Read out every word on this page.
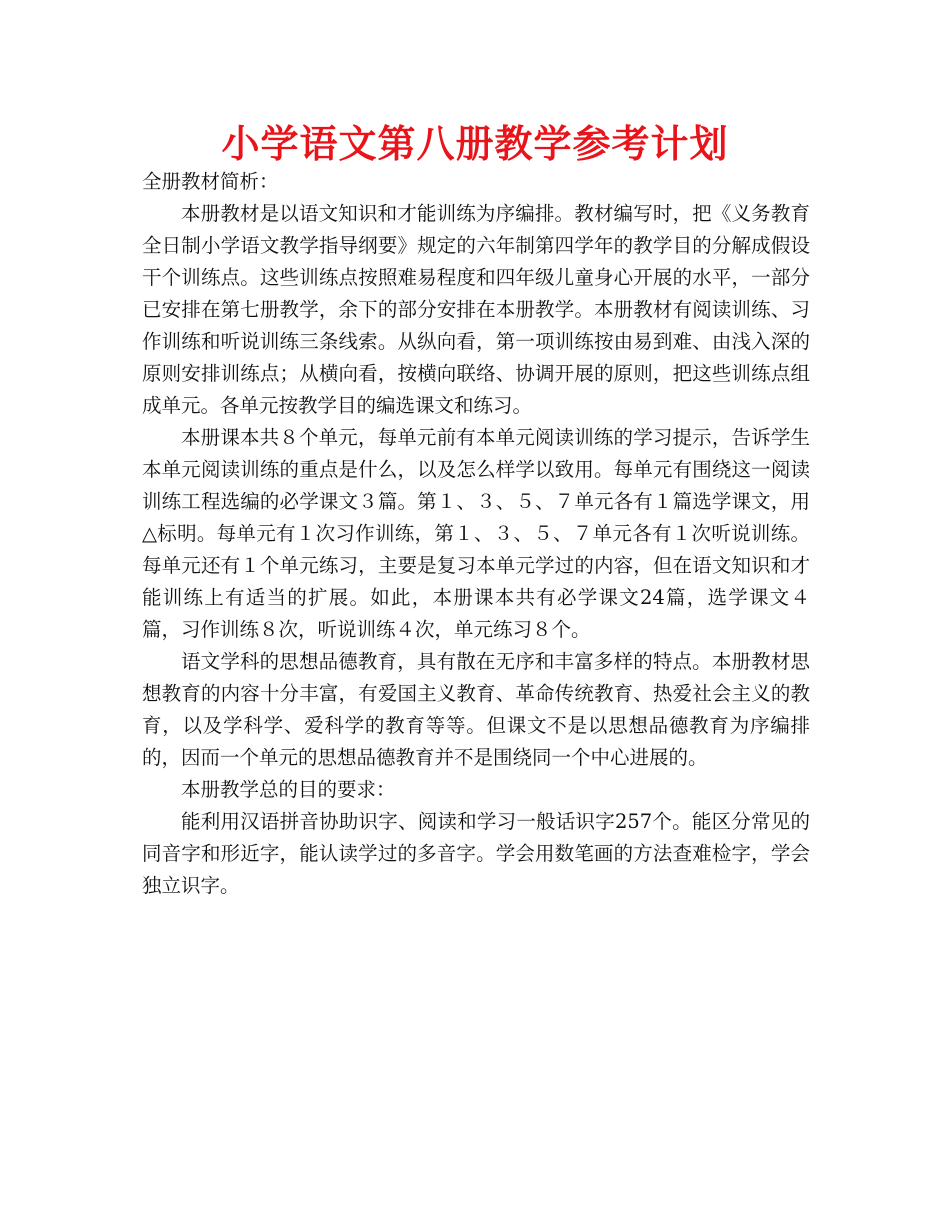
小学语文第八册教学参考计划
全册教材简析：

本册教材是以语文知识和才能训练为序编排。教材编写时，把《义务教育全日制小学语文教学指导纲要》规定的六年制第四学年的教学目的分解成假设干个训练点。这些训练点按照难易程度和四年级儿童身心开展的水平，一部分已安排在第七册教学，余下的部分安排在本册教学。本册教材有阅读训练、习作训练和听说训练三条线索。从纵向看，第一项训练按由易到难、由浅入深的原则安排训练点；从横向看，按横向联络、协调开展的原则，把这些训练点组成单元。各单元按教学目的编选课文和练习。

本册课本共８个单元，每单元前有本单元阅读训练的学习提示，告诉学生本单元阅读训练的重点是什么，以及怎么样学以致用。每单元有围绕这一阅读训练工程选编的必学课文３篇。第１、３、５、７单元各有１篇选学课文，用△标明。每单元有１次习作训练，第１、３、５、７单元各有１次听说训练。每单元还有１个单元练习，主要是复习本单元学过的内容，但在语文知识和才能训练上有适当的扩展。如此，本册课本共有必学课文24篇，选学课文４篇，习作训练８次，听说训练４次，单元练习８个。

语文学科的思想品德教育，具有散在无序和丰富多样的特点。本册教材思想教育的内容十分丰富，有爱国主义教育、革命传统教育、热爱社会主义的教育，以及学科学、爱科学的教育等等。但课文不是以思想品德教育为序编排的，因而一个单元的思想品德教育并不是围绕同一个中心进展的。

本册教学总的目的要求：

能利用汉语拼音协助识字、阅读和学习一般话识字257个。能区分常见的同音字和形近字，能认读学过的多音字。学会用数笔画的方法查难检字，学会独立识字。
